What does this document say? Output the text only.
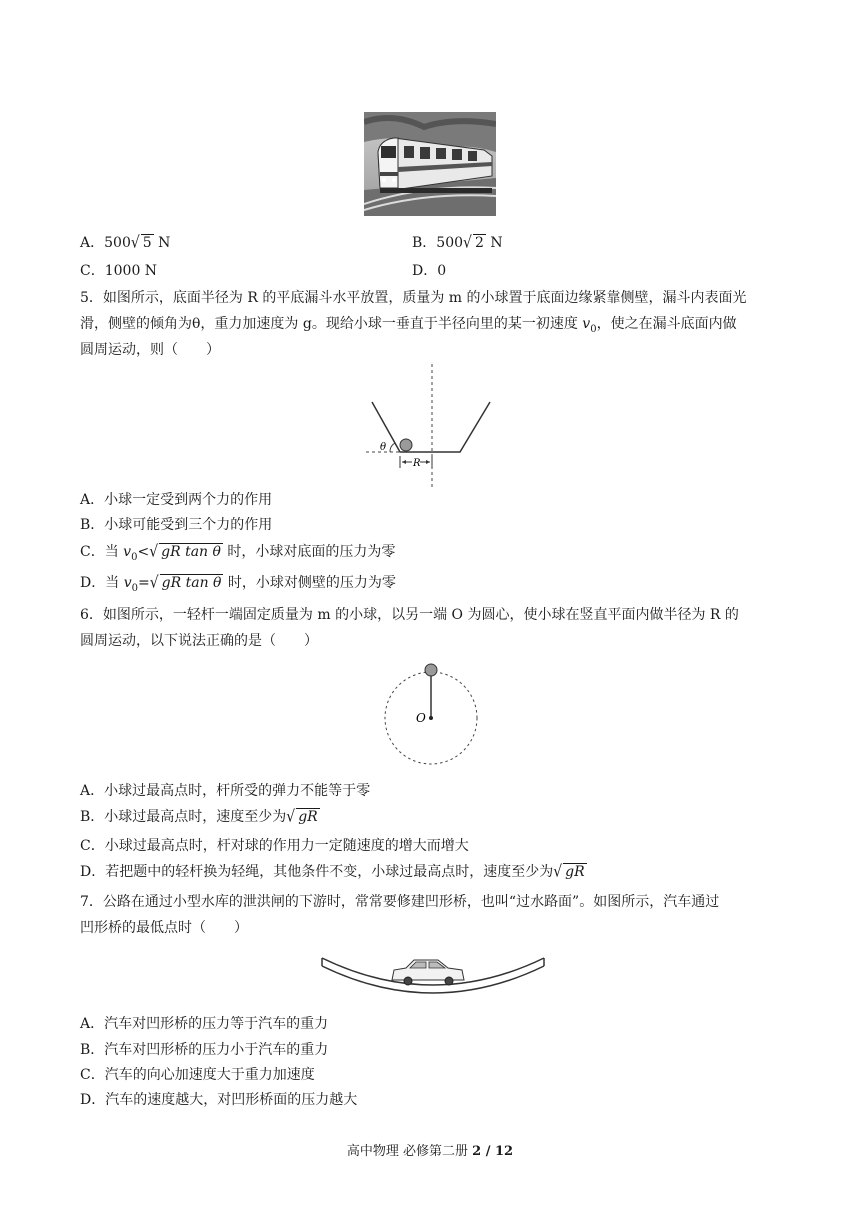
A．500√ 5 N	B．500√ 2 N
C．1000 N	D．0
5．如图所示，底面半径为 R 的平底漏斗水平放置，质量为 m 的小球置于底面边缘紧靠侧壁，漏斗内表面光
滑，侧壁的倾角为θ，重力加速度为 g。现给小球一垂直于半径向里的某一初速度 $v_0$，使之在漏斗底面内做
圆周运动，则（　　）
θ
R
A．小球一定受到两个力的作用
B．小球可能受到三个力的作用
C．当 $v_0<√$ gR tan θ 时，小球对底面的压力为零
D．当 $v_0=√$ gR tan θ 时，小球对侧壁的压力为零
6．如图所示，一轻杆一端固定质量为 m 的小球，以另一端 O 为圆心，使小球在竖直平面内做半径为 R 的
圆周运动，以下说法正确的是（　　）
O
A．小球过最高点时，杆所受的弹力不能等于零
B．小球过最高点时，速度至少为√ gR
C．小球过最高点时，杆对球的作用力一定随速度的增大而增大
D．若把题中的轻杆换为轻绳，其他条件不变，小球过最高点时，速度至少为√ gR
7．公路在通过小型水库的泄洪闸的下游时，常常要修建凹形桥，也叫“过水路面”。如图所示，汽车通过
凹形桥的最低点时（　　）
A．汽车对凹形桥的压力等于汽车的重力
B．汽车对凹形桥的压力小于汽车的重力
C．汽车的向心加速度大于重力加速度
D．汽车的速度越大，对凹形桥面的压力越大
高中物理 必修第二册 2 / 12
